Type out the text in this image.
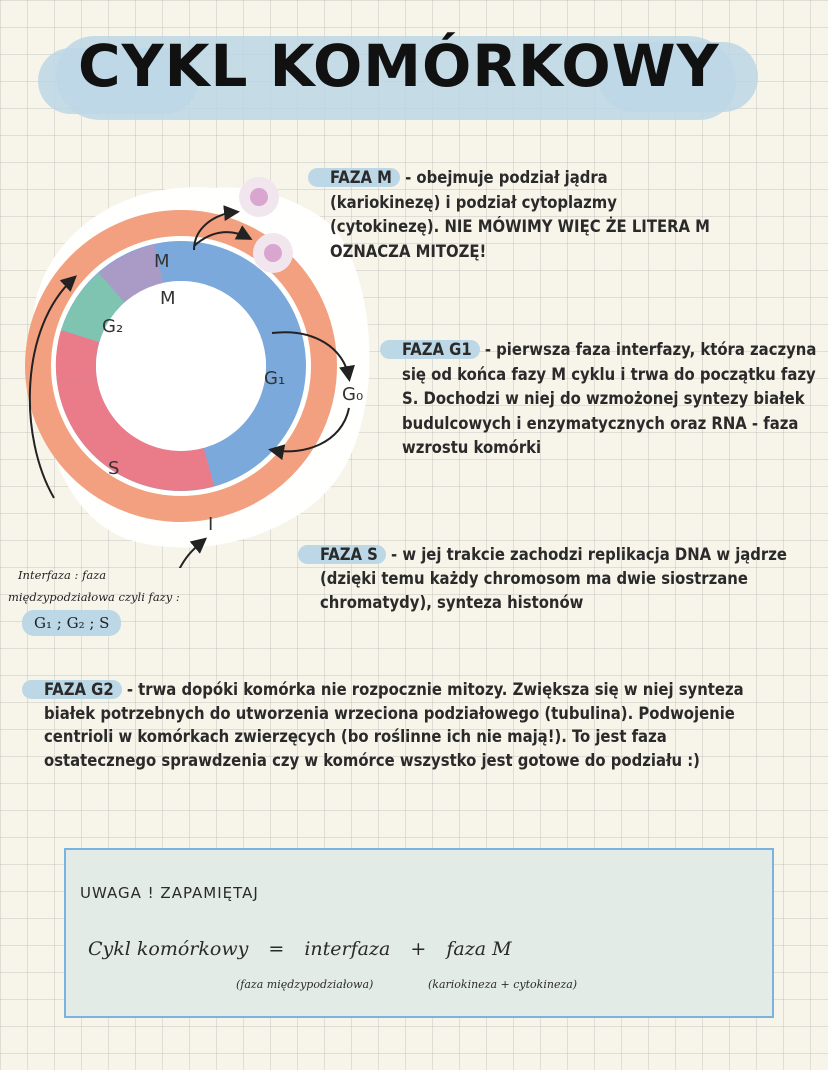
CYKL KOMÓRKOWY
M
M
G₂
G₁
G₀
S
I

FAZA M - obejmuje podział jądra (kariokinezę) i podział cytoplazmy (cytokinezę). NIE MÓWIMY WIĘC ŻE LITERA M OZNACZA MITOZĘ!

FAZA G1 - pierwsza faza interfazy, która zaczyna się od końca fazy M cyklu i trwa do początku fazy S. Dochodzi w niej do wzmożonej syntezy białek budulcowych i enzymatycznych oraz RNA - faza wzrostu komórki

FAZA S - w jej trakcie zachodzi replikacja DNA w jądrze (dzięki temu każdy chromosom ma dwie siostrzane chromatydy), synteza histonów

Interfaza : faza
międzypodziałowa czyli fazy :
G₁ ; G₂ ; S

FAZA G2 - trwa dopóki komórka nie rozpocznie mitozy. Zwiększa się w niej synteza białek potrzebnych do utworzenia wrzeciona podziałowego (tubulina). Podwojenie centrioli w komórkach zwierzęcych (bo roślinne ich nie mają!). To jest faza ostatecznego sprawdzenia czy w komórce wszystko jest gotowe do podziału :)

UWAGA ! ZAPAMIĘTAJ
Cykl komórkowy = interfaza + faza M
(faza międzypodziałowa)	(kariokineza + cytokineza)
